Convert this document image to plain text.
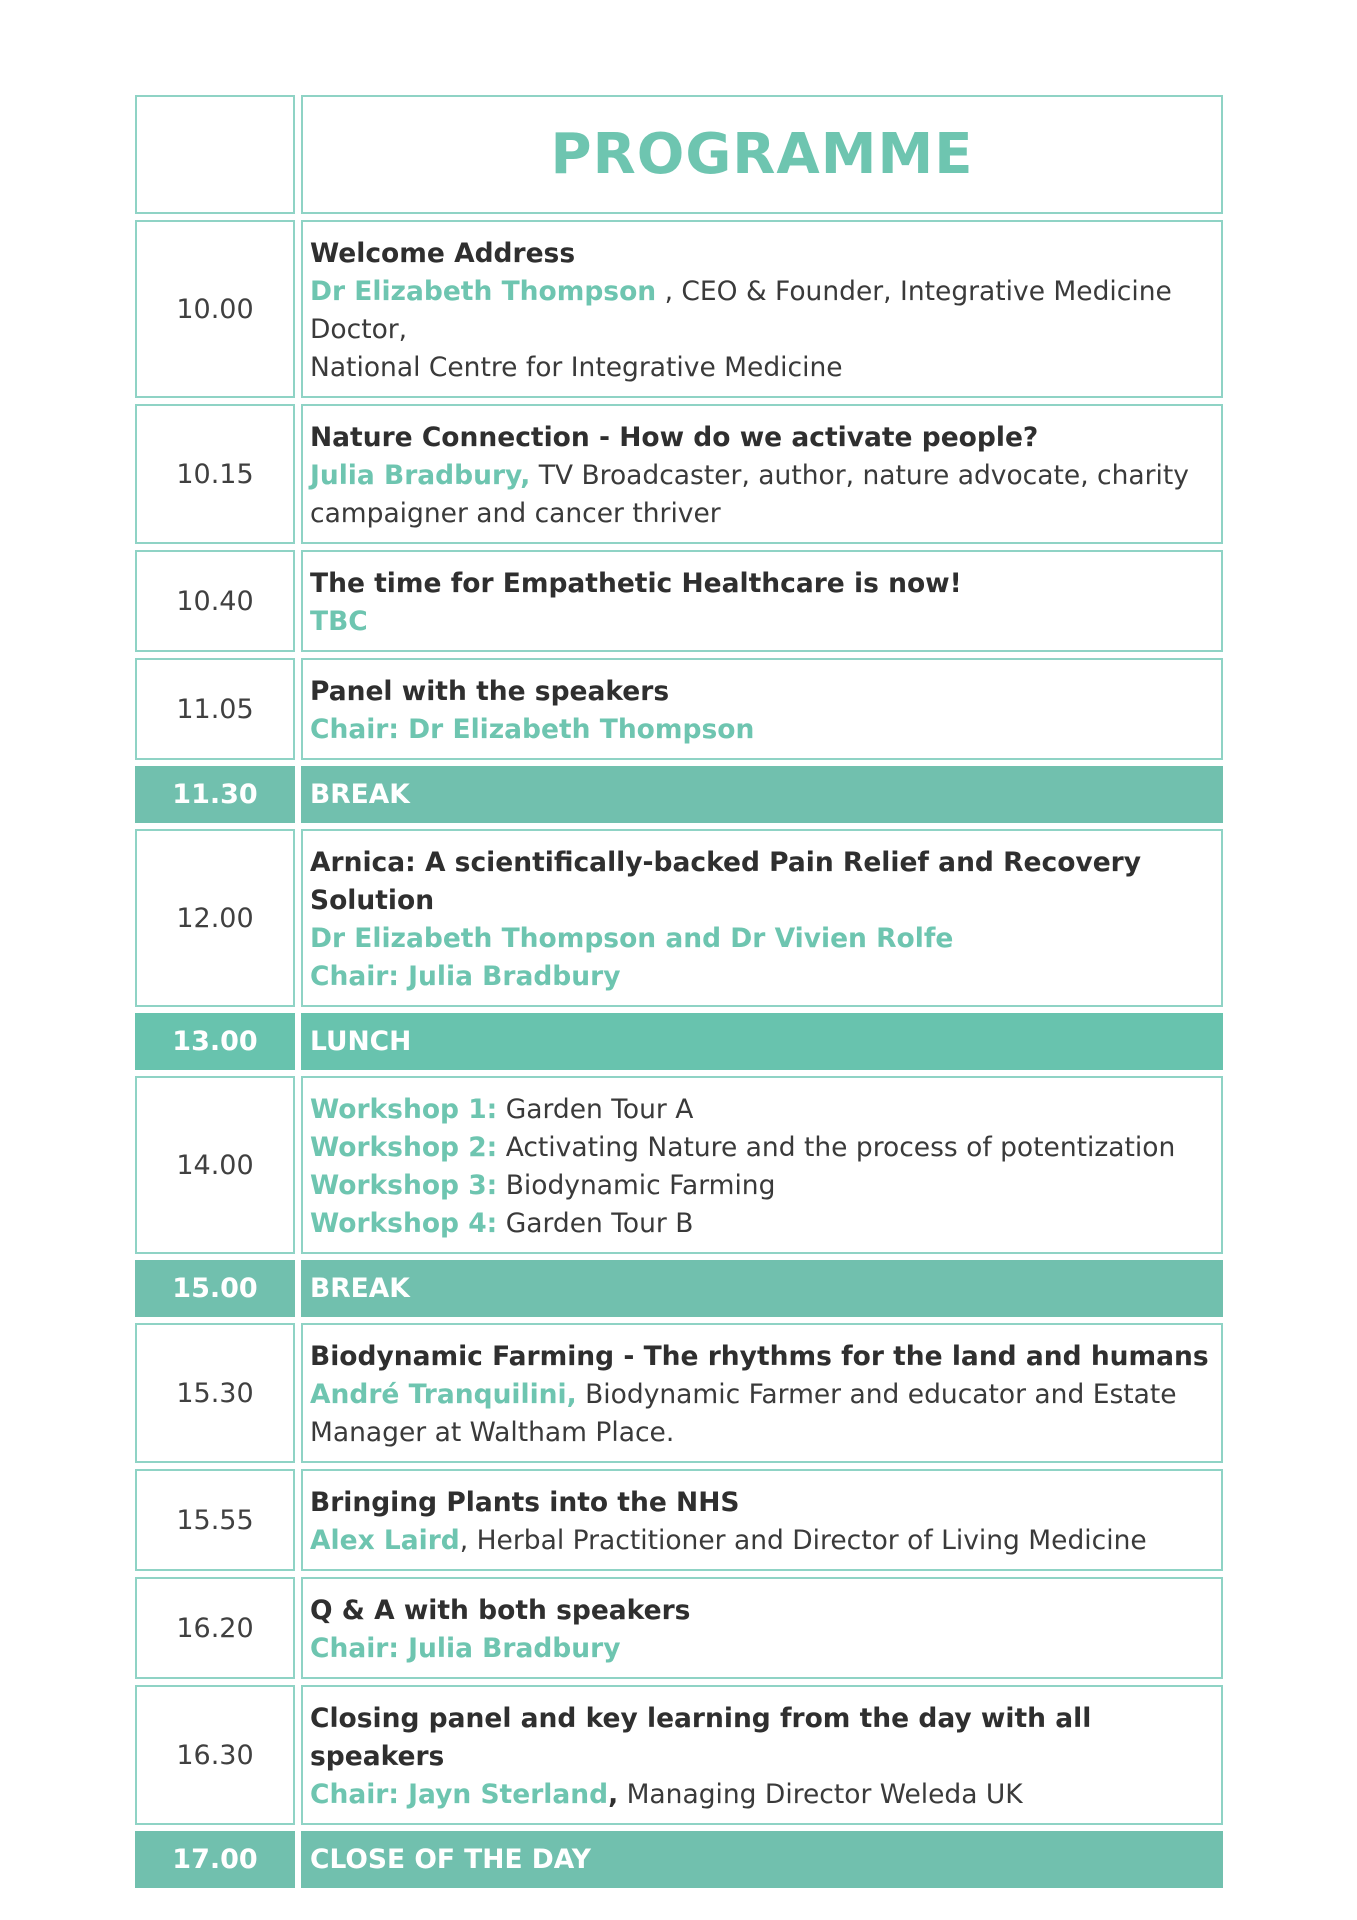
PROGRAMME
10.00
Welcome Address
Dr Elizabeth Thompson , CEO & Founder, Integrative Medicine Doctor,
National Centre for Integrative Medicine
10.15
Nature Connection - How do we activate people?
Julia Bradbury, TV Broadcaster, author, nature advocate, charity
campaigner and cancer thriver
10.40
The time for Empathetic Healthcare is now!
TBC
11.05
Panel with the speakers
Chair: Dr Elizabeth Thompson
11.30	BREAK
12.00
Arnica: A scientifically-backed Pain Relief and Recovery Solution
Dr Elizabeth Thompson and Dr Vivien Rolfe
Chair: Julia Bradbury
13.00	LUNCH
14.00
Workshop 1: Garden Tour A
Workshop 2: Activating Nature and the process of potentization
Workshop 3: Biodynamic Farming
Workshop 4: Garden Tour B
15.00	BREAK
15.30
Biodynamic Farming - The rhythms for the land and humans
André Tranquilini, Biodynamic Farmer and educator and Estate
Manager at Waltham Place.
15.55
Bringing Plants into the NHS
Alex Laird, Herbal Practitioner and Director of Living Medicine
16.20
Q & A with both speakers
Chair: Julia Bradbury
16.30
Closing panel and key learning from the day with all speakers
Chair: Jayn Sterland, Managing Director Weleda UK
17.00	CLOSE OF THE DAY
